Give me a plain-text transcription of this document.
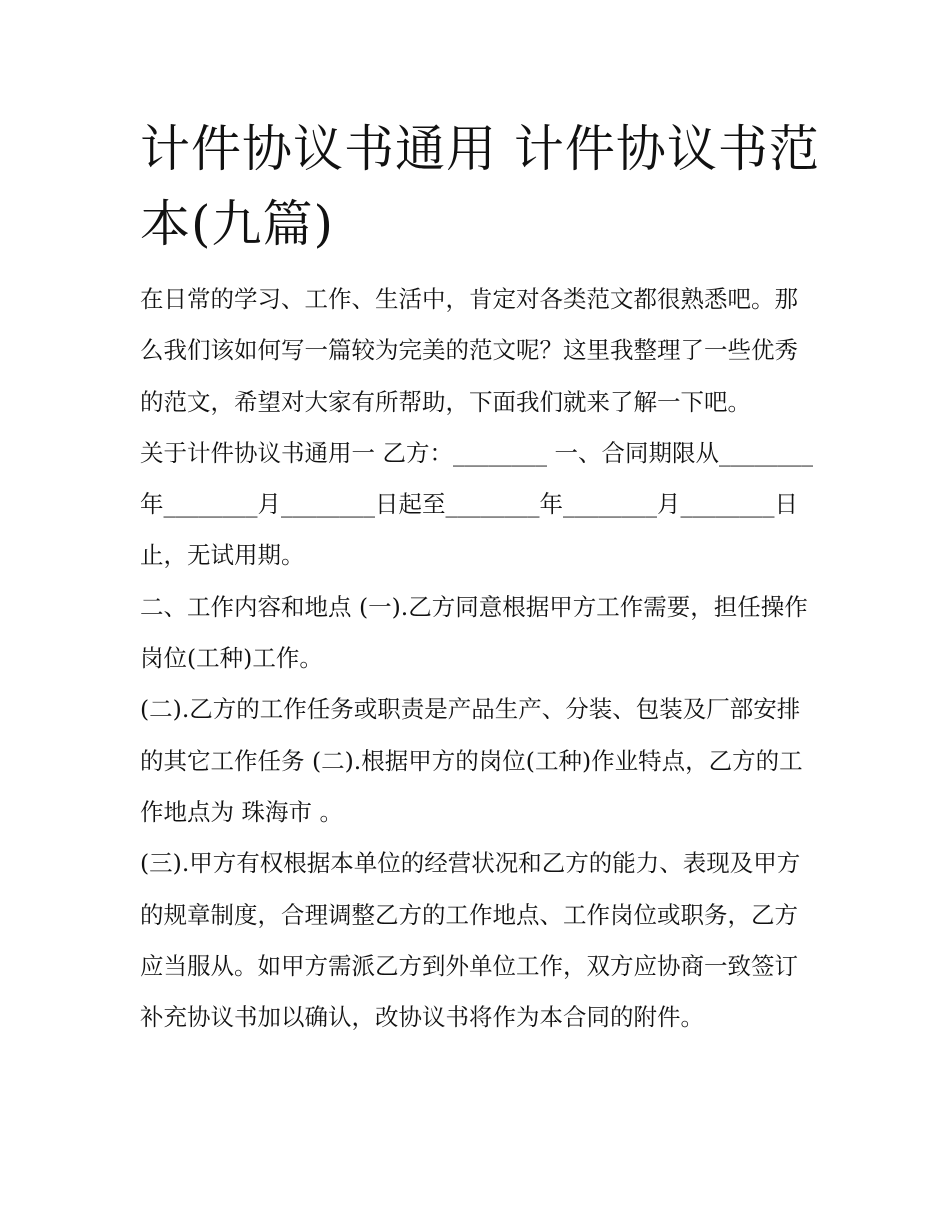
计件协议书通用 计件协议书范本(九篇)

在日常的学习、工作、生活中，肯定对各类范文都很熟悉吧。那么我们该如何写一篇较为完美的范文呢？这里我整理了一些优秀的范文，希望对大家有所帮助，下面我们就来了解一下吧。

关于计件协议书通用一 乙方：________ 一、合同期限从________年________月________日起至________年________月________日止，无试用期。

二、工作内容和地点 (一).乙方同意根据甲方工作需要，担任操作岗位(工种)工作。

(二).乙方的工作任务或职责是产品生产、分装、包装及厂部安排的其它工作任务 (二).根据甲方的岗位(工种)作业特点，乙方的工作地点为 珠海市 。

(三).甲方有权根据本单位的经营状况和乙方的能力、表现及甲方的规章制度，合理调整乙方的工作地点、工作岗位或职务，乙方应当服从。如甲方需派乙方到外单位工作，双方应协商一致签订补充协议书加以确认，改协议书将作为本合同的附件。
